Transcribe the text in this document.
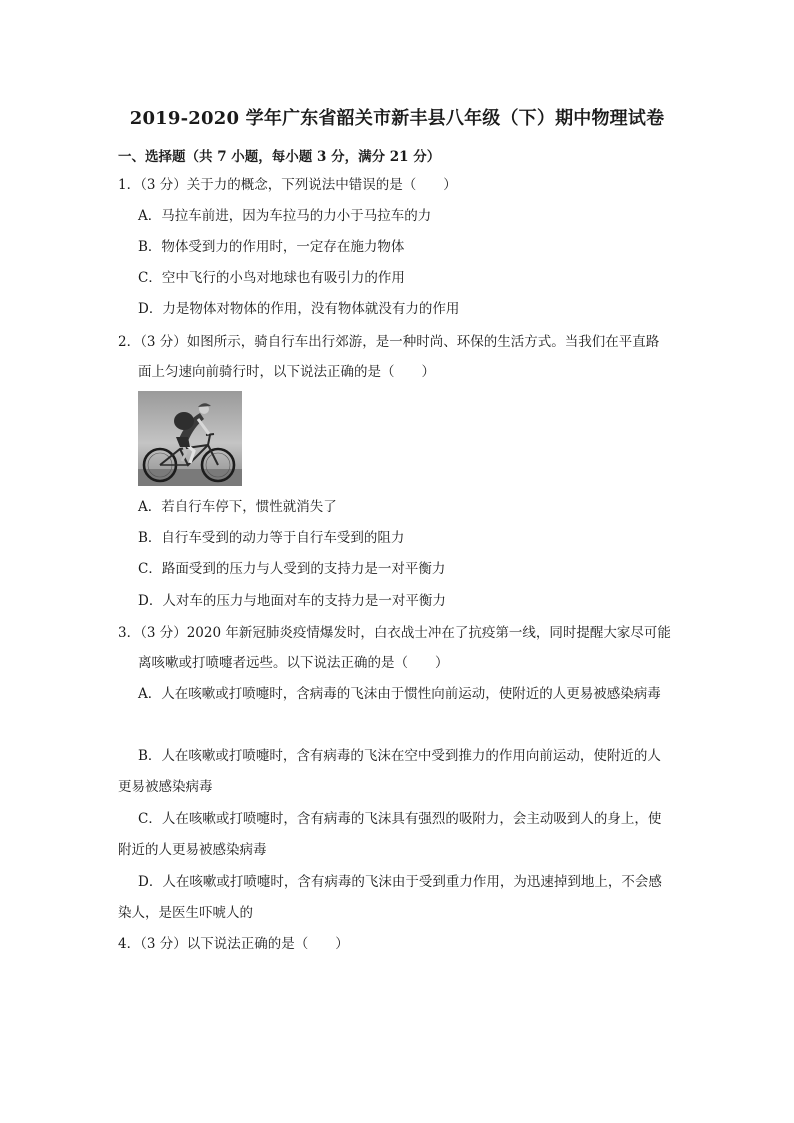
2019-2020 学年广东省韶关市新丰县八年级（下）期中物理试卷
一、选择题（共 7 小题，每小题 3 分，满分 21 分）
1．（3 分）关于力的概念，下列说法中错误的是（　　）
A．马拉车前进，因为车拉马的力小于马拉车的力
B．物体受到力的作用时，一定存在施力物体
C．空中飞行的小鸟对地球也有吸引力的作用
D．力是物体对物体的作用，没有物体就没有力的作用
2．（3 分）如图所示，骑自行车出行郊游，是一种时尚、环保的生活方式。当我们在平直路
面上匀速向前骑行时，以下说法正确的是（　　）
A．若自行车停下，惯性就消失了
B．自行车受到的动力等于自行车受到的阻力
C．路面受到的压力与人受到的支持力是一对平衡力
D．人对车的压力与地面对车的支持力是一对平衡力
3．（3 分）2020 年新冠肺炎疫情爆发时，白衣战士冲在了抗疫第一线，同时提醒大家尽可能
离咳嗽或打喷嚏者远些。以下说法正确的是（　　）
A．人在咳嗽或打喷嚏时，含病毒的飞沫由于惯性向前运动，使附近的人更易被感染病毒
B．人在咳嗽或打喷嚏时，含有病毒的飞沫在空中受到推力的作用向前运动，使附近的人
更易被感染病毒
C．人在咳嗽或打喷嚏时，含有病毒的飞沫具有强烈的吸附力，会主动吸到人的身上，使
附近的人更易被感染病毒
D．人在咳嗽或打喷嚏时，含有病毒的飞沫由于受到重力作用，为迅速掉到地上，不会感
染人，是医生吓唬人的
4．（3 分）以下说法正确的是（　　）
